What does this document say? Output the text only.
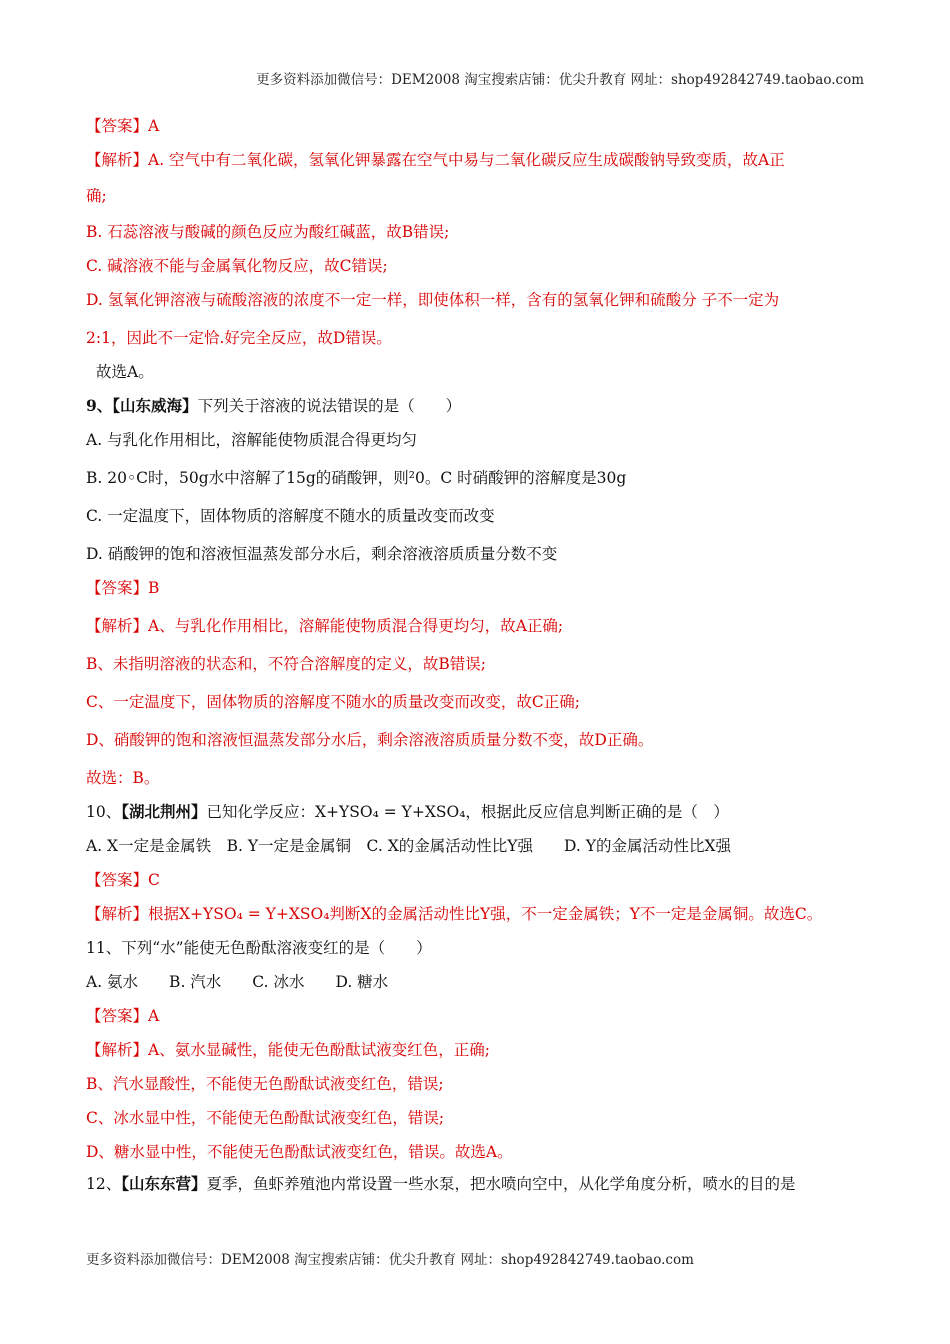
更多资料添加微信号：DEM2008 淘宝搜索店铺：优尖升教育 网址：shop492842749.taobao.com
【答案】A
【解析】A. 空气中有二氧化碳，氢氧化钾暴露在空气中易与二氧化碳反应生成碳酸钠导致变质，故A正
确;
B. 石蕊溶液与酸碱的颜色反应为酸红碱蓝，故B错误;
C. 碱溶液不能与金属氧化物反应，故C错误;
D. 氢氧化钾溶液与硫酸溶液的浓度不一定一样，即使体积一样，含有的氢氧化钾和硫酸分 子不一定为
2:1，因此不一定恰.好完全反应，故D错误。
故选A。
9、【山东威海】下列关于溶液的说法错误的是（　　）
A. 与乳化作用相比，溶解能使物质混合得更均匀
B. 20◦C时，50g水中溶解了15g的硝酸钾，则²0。C 时硝酸钾的溶解度是30g
C. 一定温度下，固体物质的溶解度不随水的质量改变而改变
D. 硝酸钾的饱和溶液恒温蒸发部分水后，剩余溶液溶质质量分数不变
【答案】B
【解析】A、与乳化作用相比，溶解能使物质混合得更均匀，故A正确;
B、未指明溶液的状态和，不符合溶解度的定义，故B错误;
C、一定温度下，固体物质的溶解度不随水的质量改变而改变，故C正确;
D、硝酸钾的饱和溶液恒温蒸发部分水后，剩余溶液溶质质量分数不变，故D正确。
故选：B。
10、【湖北荆州】已知化学反应：X+YSO₄ = Y+XSO₄，根据此反应信息判断正确的是（　）
A. X一定是金属铁　B. Y一定是金属铜　C. X的金属活动性比Y强　　D. Y的金属活动性比X强
【答案】C
【解析】根据X+YSO₄ = Y+XSO₄判断X的金属活动性比Y强，不一定金属铁；Y不一定是金属铜。故选C。
11、下列“水”能使无色酚酞溶液变红的是（　　）
A. 氨水　　B. 汽水　　C. 冰水　　D. 糖水
【答案】A
【解析】A、氨水显碱性，能使无色酚酞试液变红色，正确;
B、汽水显酸性，不能使无色酚酞试液变红色，错误;
C、冰水显中性，不能使无色酚酞试液变红色，错误;
D、糖水显中性，不能使无色酚酞试液变红色，错误。故选A。
12、【山东东营】夏季，鱼虾养殖池内常设置一些水泵，把水喷向空中，从化学角度分析，喷水的目的是
更多资料添加微信号：DEM2008 淘宝搜索店铺：优尖升教育 网址：shop492842749.taobao.com
